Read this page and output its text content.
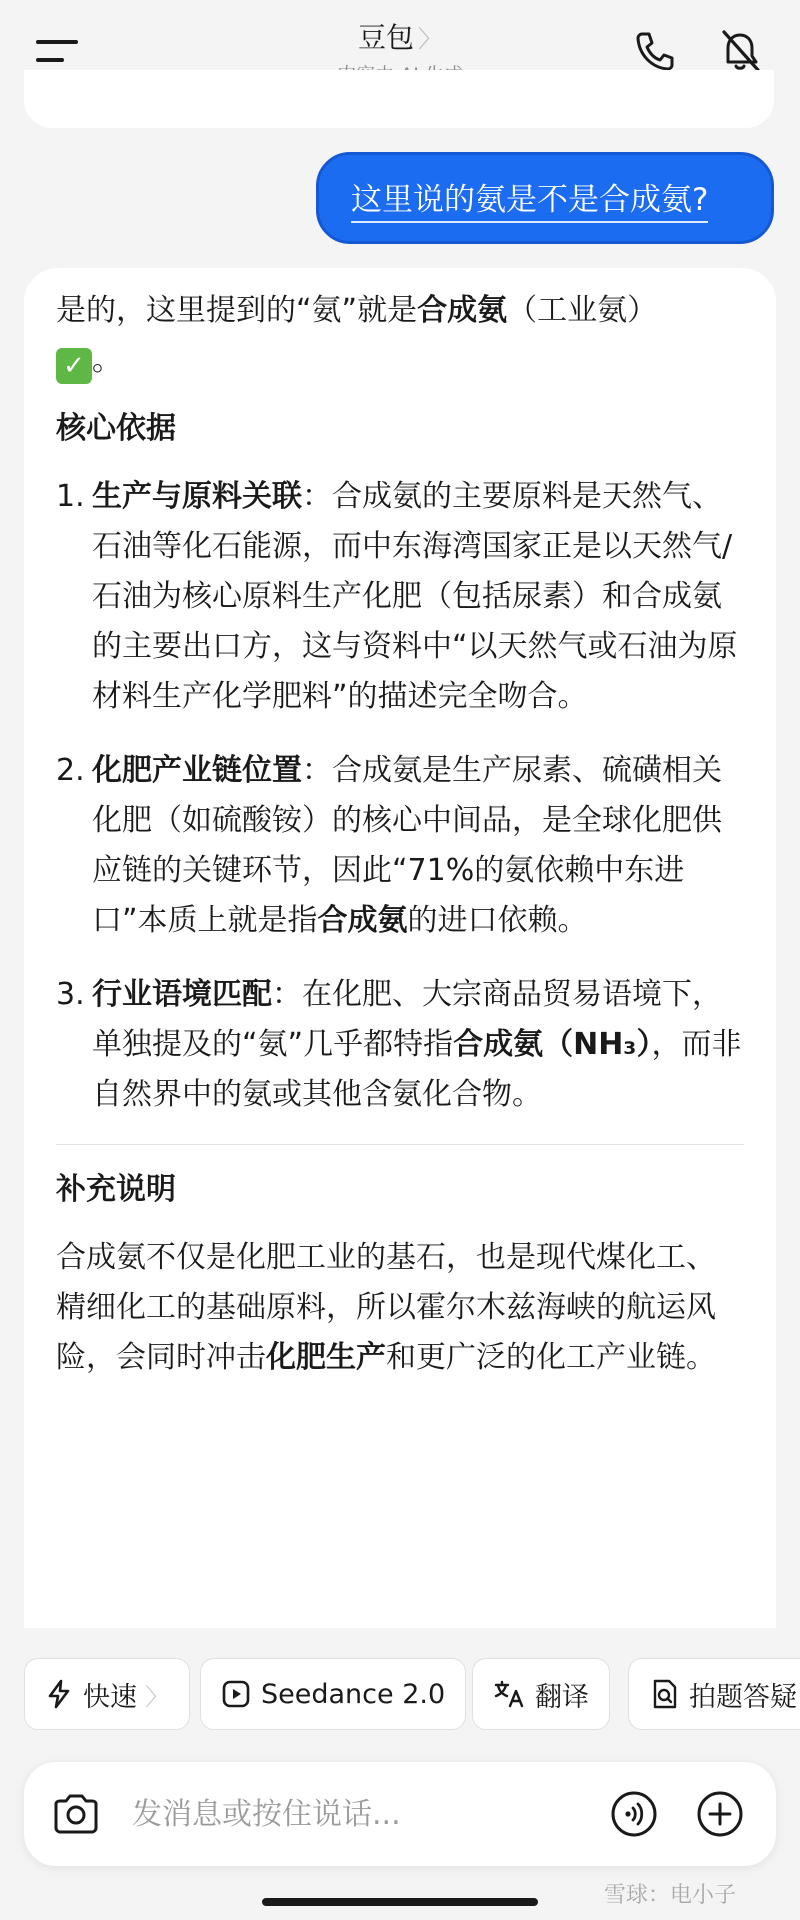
豆包 〉
这里说的氨是不是合成氨?
是的，这里提到的“氨”就是合成氨（工业氨）
✓ 。
核心依据
1. 生产与原料关联：合成氨的主要原料是天然气、石油等化石能源，而中东海湾国家正是以天然气/石油为核心原料生产化肥（包括尿素）和合成氨的主要出口方，这与资料中“以天然气或石油为原材料生产化学肥料”的描述完全吻合。
2. 化肥产业链位置：合成氨是生产尿素、硫磺相关化肥（如硫酸铵）的核心中间品，是全球化肥供应链的关键环节，因此“71%的氨依赖中东进口”本质上就是指合成氨的进口依赖。
3. 行业语境匹配：在化肥、大宗商品贸易语境下，单独提及的“氨”几乎都特指合成氨（NH₃），而非自然界中的氨或其他含氨化合物。
补充说明
合成氨不仅是化肥工业的基石，也是现代煤化工、精细化工的基础原料，所以霍尔木兹海峡的航运风险，会同时冲击化肥生产和更广泛的化工产业链。
快速 〉	Seedance 2.0	翻译	拍题答疑
发消息或按住说话...
雪球：电小子
